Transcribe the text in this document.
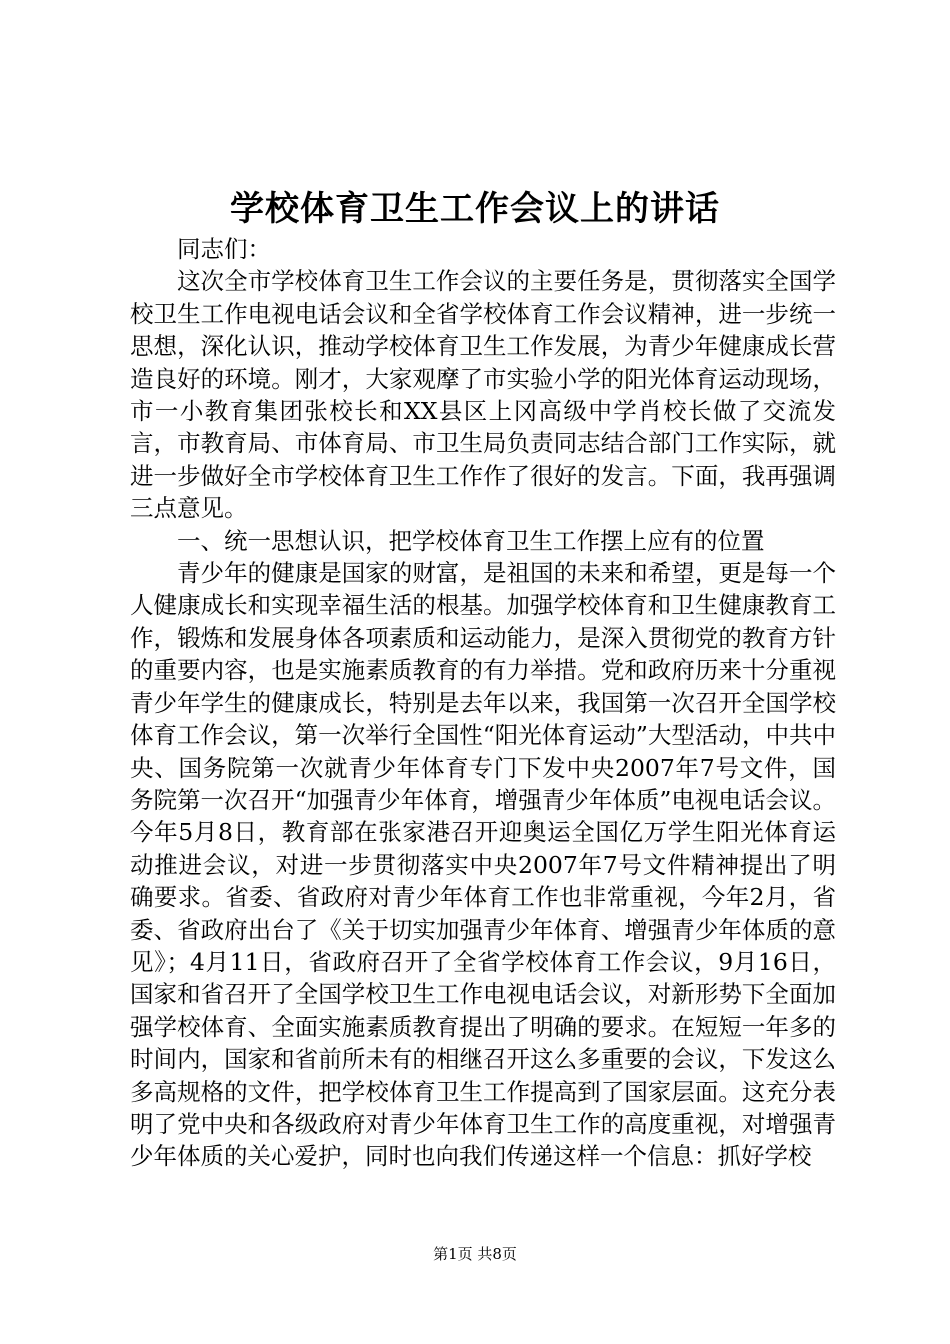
学校体育卫生工作会议上的讲话

同志们：

这次全市学校体育卫生工作会议的主要任务是，贯彻落实全国学校卫生工作电视电话会议和全省学校体育工作会议精神，进一步统一思想，深化认识，推动学校体育卫生工作发展，为青少年健康成长营造良好的环境。刚才，大家观摩了市实验小学的阳光体育运动现场，市一小教育集团张校长和XX县区上冈高级中学肖校长做了交流发言，市教育局、市体育局、市卫生局负责同志结合部门工作实际，就进一步做好全市学校体育卫生工作作了很好的发言。下面，我再强调三点意见。

一、统一思想认识，把学校体育卫生工作摆上应有的位置

青少年的健康是国家的财富，是祖国的未来和希望，更是每一个人健康成长和实现幸福生活的根基。加强学校体育和卫生健康教育工作，锻炼和发展身体各项素质和运动能力，是深入贯彻党的教育方针的重要内容，也是实施素质教育的有力举措。党和政府历来十分重视青少年学生的健康成长，特别是去年以来，我国第一次召开全国学校体育工作会议，第一次举行全国性“阳光体育运动”大型活动，中共中央、国务院第一次就青少年体育专门下发中央2007年7号文件，国务院第一次召开“加强青少年体育，增强青少年体质”电视电话会议。今年5月8日，教育部在张家港召开迎奥运全国亿万学生阳光体育运动推进会议，对进一步贯彻落实中央2007年7号文件精神提出了明确要求。省委、省政府对青少年体育工作也非常重视，今年2月，省委、省政府出台了《关于切实加强青少年体育、增强青少年体质的意见》；4月11日，省政府召开了全省学校体育工作会议，9月16日，国家和省召开了全国学校卫生工作电视电话会议，对新形势下全面加强学校体育、全面实施素质教育提出了明确的要求。在短短一年多的时间内，国家和省前所未有的相继召开这么多重要的会议，下发这么多高规格的文件，把学校体育卫生工作提高到了国家层面。这充分表明了党中央和各级政府对青少年体育卫生工作的高度重视，对增强青少年体质的关心爱护，同时也向我们传递这样一个信息：抓好学校

第1页 共8页
